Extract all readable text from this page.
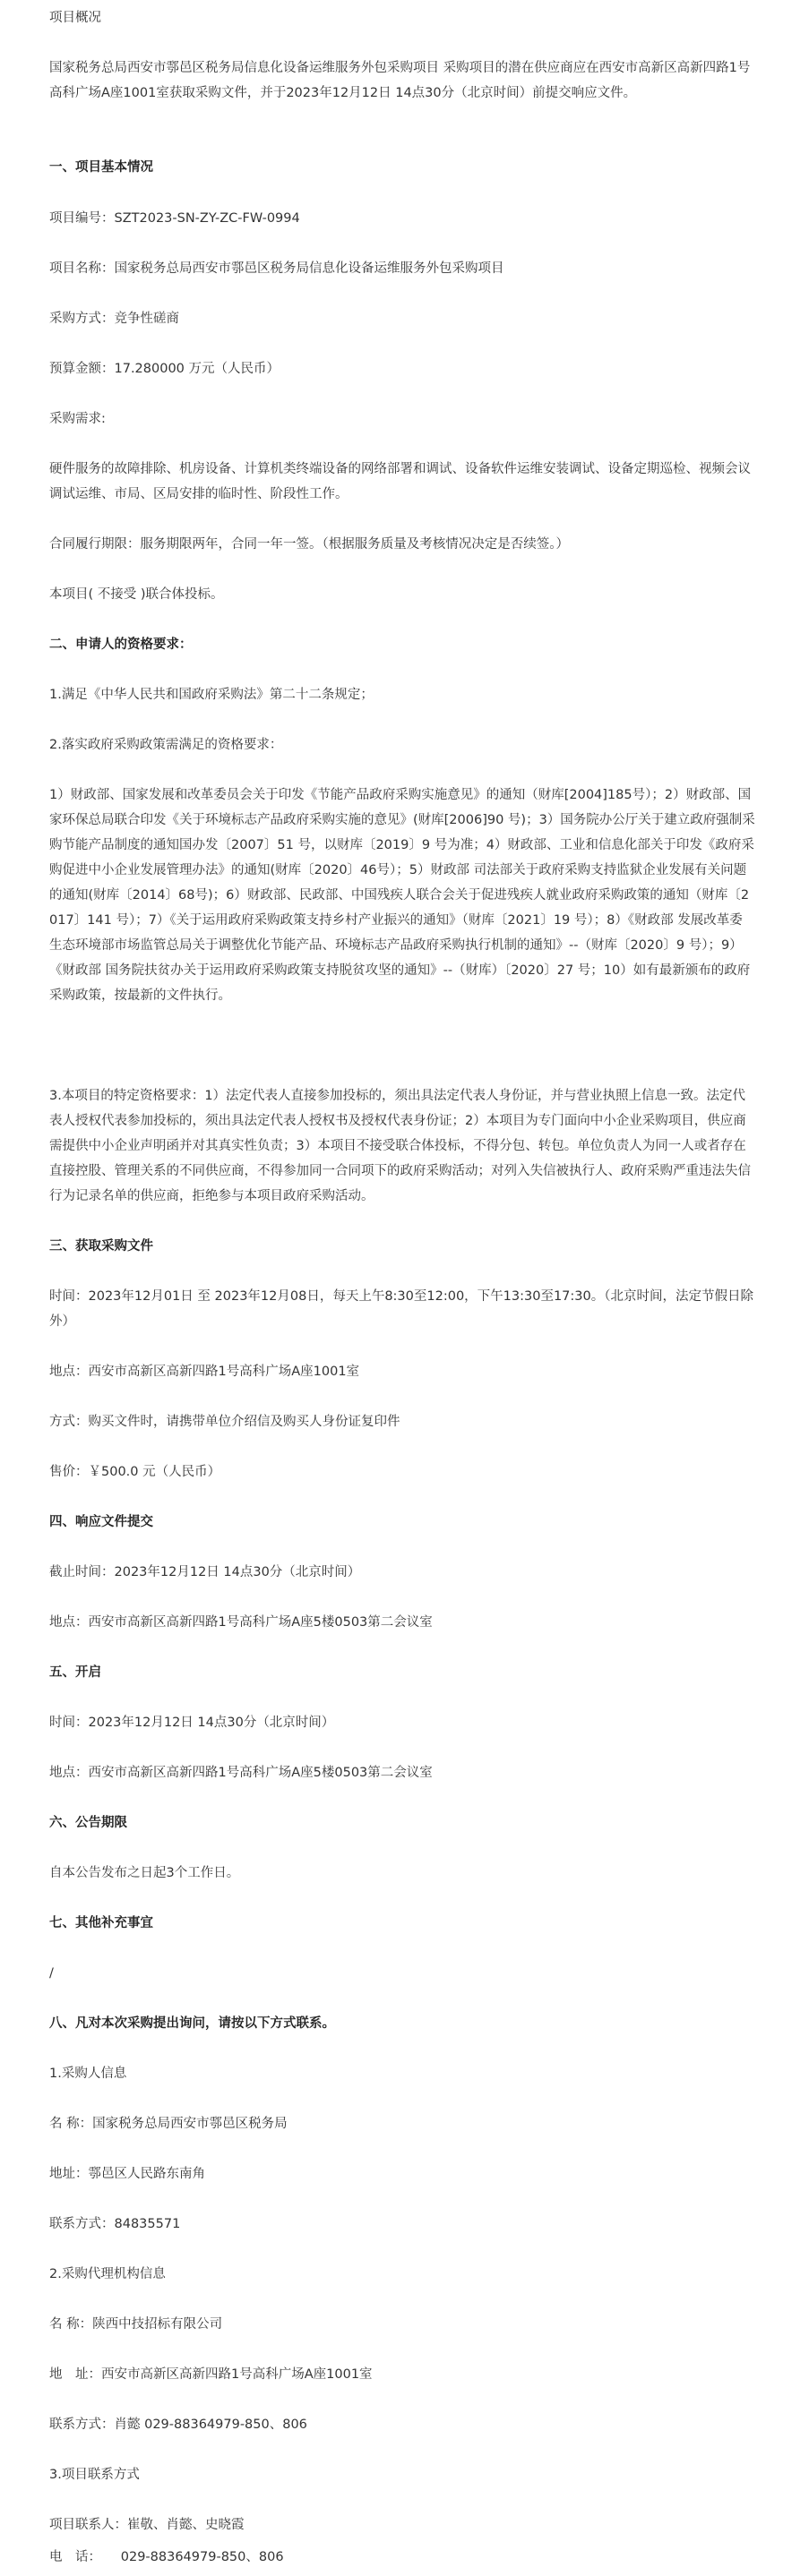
项目概况

国家税务总局西安市鄠邑区税务局信息化设备运维服务外包采购项目 采购项目的潜在供应商应在西安市高新区高新四路1号高科广场A座1001室获取采购文件，并于2023年12月12日 14点30分（北京时间）前提交响应文件。

一、项目基本情况

项目编号：SZT2023-SN-ZY-ZC-FW-0994

项目名称：国家税务总局西安市鄠邑区税务局信息化设备运维服务外包采购项目

采购方式：竞争性磋商

预算金额：17.280000 万元（人民币）

采购需求:

硬件服务的故障排除、机房设备、计算机类终端设备的网络部署和调试、设备软件运维安装调试、设备定期巡检、视频会议调试运维、市局、区局安排的临时性、阶段性工作。

合同履行期限：服务期限两年，合同一年一签。（根据服务质量及考核情况决定是否续签。）

本项目( 不接受 )联合体投标。

二、申请人的资格要求：

1.满足《中华人民共和国政府采购法》第二十二条规定；

2.落实政府采购政策需满足的资格要求：

1）财政部、国家发展和改革委员会关于印发《节能产品政府采购实施意见》的通知（财库[2004]185号）；2）财政部、国家环保总局联合印发《关于环境标志产品政府采购实施的意见》(财库[2006]90 号)；3）国务院办公厅关于建立政府强制采购节能产品制度的通知国办发〔2007〕51 号，以财库〔2019〕9 号为准；4）财政部、工业和信息化部关于印发《政府采购促进中小企业发展管理办法》的通知(财库〔2020〕46号）；5）财政部 司法部关于政府采购支持监狱企业发展有关问题的通知(财库〔2014〕68号)；6）财政部、民政部、中国残疾人联合会关于促进残疾人就业政府采购政策的通知（财库〔2017〕141 号）；7）《关于运用政府采购政策支持乡村产业振兴的通知》（财库〔2021〕19 号）；8）《财政部 发展改革委 生态环境部市场监管总局关于调整优化节能产品、环境标志产品政府采购执行机制的通知》--（财库〔2020〕9 号）；9）《财政部 国务院扶贫办关于运用政府采购政策支持脱贫攻坚的通知》--（财库）〔2020〕27 号；10）如有最新颁布的政府采购政策，按最新的文件执行。

3.本项目的特定资格要求：1）法定代表人直接参加投标的，须出具法定代表人身份证，并与营业执照上信息一致。法定代表人授权代表参加投标的，须出具法定代表人授权书及授权代表身份证；2）本项目为专门面向中小企业采购项目，供应商需提供中小企业声明函并对其真实性负责；3）本项目不接受联合体投标，不得分包、转包。单位负责人为同一人或者存在直接控股、管理关系的不同供应商，不得参加同一合同项下的政府采购活动；对列入失信被执行人、政府采购严重违法失信行为记录名单的供应商，拒绝参与本项目政府采购活动。

三、获取采购文件

时间：2023年12月01日 至 2023年12月08日，每天上午8:30至12:00，下午13:30至17:30。（北京时间，法定节假日除外）

地点：西安市高新区高新四路1号高科广场A座1001室

方式：购买文件时，请携带单位介绍信及购买人身份证复印件

售价：￥500.0 元（人民币）

四、响应文件提交

截止时间：2023年12月12日 14点30分（北京时间）

地点：西安市高新区高新四路1号高科广场A座5楼0503第二会议室

五、开启

时间：2023年12月12日 14点30分（北京时间）

地点：西安市高新区高新四路1号高科广场A座5楼0503第二会议室

六、公告期限

自本公告发布之日起3个工作日。

七、其他补充事宜

/

八、凡对本次采购提出询问，请按以下方式联系。

1.采购人信息

名 称：国家税务总局西安市鄠邑区税务局

地址：鄠邑区人民路东南角

联系方式：84835571

2.采购代理机构信息

名 称：陕西中技招标有限公司

地　址：西安市高新区高新四路1号高科广场A座1001室

联系方式：肖懿 029-88364979-850、806

3.项目联系方式

项目联系人：崔敬、肖懿、史晓霞

电　话：　　029-88364979-850、806
